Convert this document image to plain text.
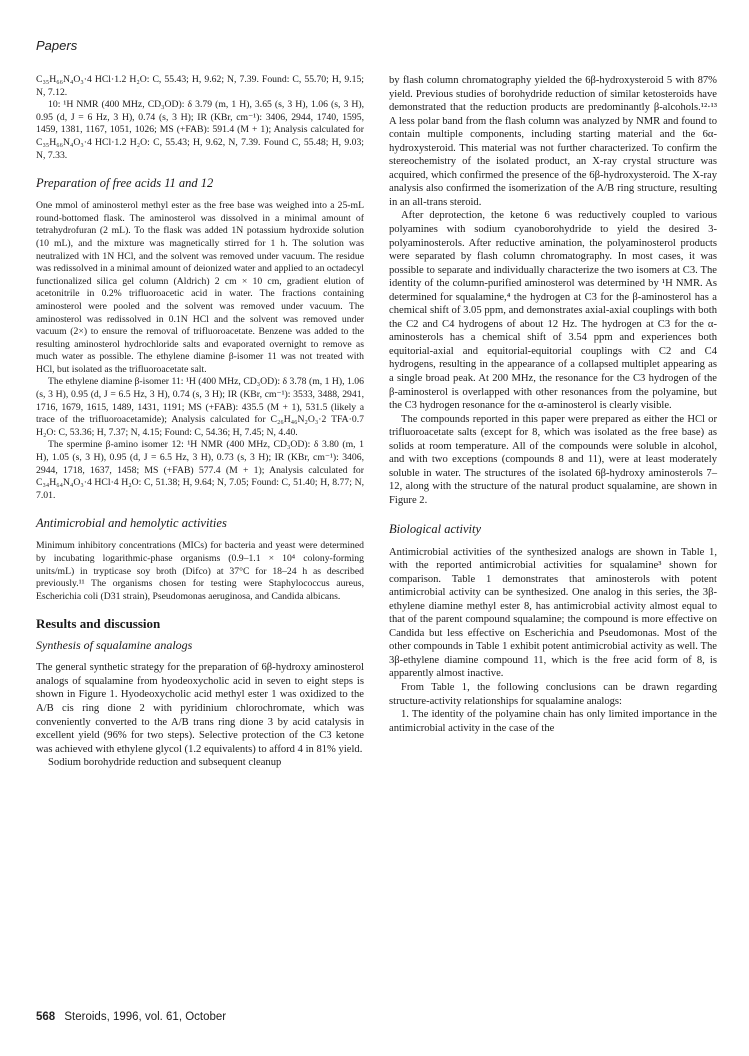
Papers

C₃₅H₆₆N₄O₃·4 HCl·1.2 H₂O: C, 55.43; H, 9.62; N, 7.39. Found: C, 55.70; H, 9.15; N, 7.12.

10: ¹H NMR (400 MHz, CD₃OD): δ 3.79 (m, 1 H), 3.65 (s, 3 H), 1.06 (s, 3 H), 0.95 (d, J = 6 Hz, 3 H), 0.74 (s, 3 H); IR (KBr, cm⁻¹): 3406, 2944, 1740, 1595, 1459, 1381, 1167, 1051, 1026; MS (+FAB): 591.4 (M + 1); Analysis calculated for C₃₅H₆₆N₄O₃·4 HCl·1.2 H₂O: C, 55.43; H, 9.62, N, 7.39. Found C, 55.48; H, 9.03; N, 7.33.

Preparation of free acids 11 and 12

One mmol of aminosterol methyl ester as the free base was weighed into a 25-mL round-bottomed flask. The aminosterol was dissolved in a minimal amount of tetrahydrofuran (2 mL). To the flask was added 1N potassium hydroxide solution (10 mL), and the mixture was magnetically stirred for 1 h. The solution was neutralized with 1N HCl, and the solvent was removed under vacuum. The residue was redissolved in a minimal amount of deionized water and applied to an octadecyl functionalized silica gel column (Aldrich) 2 cm × 10 cm, gradient elution of acetonitrile in 0.2% trifluoroacetic acid in water. The fractions containing aminosterol were pooled and the solvent was removed under vacuum. The aminosterol was redissolved in 0.1N HCl and the solvent was removed under vacuum (2×) to ensure the removal of trifluoroacetate. Benzene was added to the resulting aminosterol hydrochloride salts and evaporated overnight to remove as much water as possible. The ethylene diamine β-isomer 11 was not treated with HCl, but isolated as the trifluoroacetate salt.

The ethylene diamine β-isomer 11: ¹H (400 MHz, CD₃OD): δ 3.78 (m, 1 H), 1.06 (s, 3 H), 0.95 (d, J = 6.5 Hz, 3 H), 0.74 (s, 3 H); IR (KBr, cm⁻¹): 3533, 3488, 2941, 1716, 1679, 1615, 1489, 1431, 1191; MS (+FAB): 435.5 (M + 1), 531.5 (likely a trace of the trifluoroacetamide); Analysis calculated for C₂₆H₄₆N₂O₃·2 TFA·0.7 H₂O: C, 53.36; H, 7.37; N, 4.15; Found: C, 54.36; H, 7.45; N, 4.40.

The spermine β-amino isomer 12: ¹H NMR (400 MHz, CD₃OD): δ 3.80 (m, 1 H), 1.05 (s, 3 H), 0.95 (d, J = 6.5 Hz, 3 H), 0.73 (s, 3 H); IR (KBr, cm⁻¹): 3406, 2944, 1718, 1637, 1458; MS (+FAB) 577.4 (M + 1); Analysis calculated for C₃₄H₆₄N₄O₃·4 HCl·4 H₂O: C, 51.38; H, 9.64; N, 7.05; Found: C, 51.40; H, 8.77; N, 7.01.

Antimicrobial and hemolytic activities

Minimum inhibitory concentrations (MICs) for bacteria and yeast were determined by incubating logarithmic-phase organisms (0.9–1.1 × 10⁴ colony-forming units/mL) in trypticase soy broth (Difco) at 37°C for 18–24 h as described previously.¹¹ The organisms chosen for testing were Staphylococcus aureus, Escherichia coli (D31 strain), Pseudomonas aeruginosa, and Candida albicans.

Results and discussion
Synthesis of squalamine analogs

The general synthetic strategy for the preparation of 6β-hydroxy aminosterol analogs of squalamine from hyodeoxycholic acid in seven to eight steps is shown in Figure 1. Hyodeoxycholic acid methyl ester 1 was oxidized to the A/B cis ring dione 2 with pyridinium chlorochromate, which was conveniently converted to the A/B trans ring dione 3 by acid catalysis in excellent yield (96% for two steps). Selective protection of the C3 ketone was achieved with ethylene glycol (1.2 equivalents) to afford 4 in 81% yield.

Sodium borohydride reduction and subsequent cleanup

by flash column chromatography yielded the 6β-hydroxysteroid 5 with 87% yield. Previous studies of borohydride reduction of similar ketosteroids have demonstrated that the reduction products are predominantly β-alcohols.¹²·¹³ A less polar band from the flash column was analyzed by NMR and found to contain multiple components, including starting material and the 6α-hydroxysteroid. This material was not further characterized. To confirm the stereochemistry of the isolated product, an X-ray crystal structure was acquired, which confirmed the presence of the 6β-hydroxysteroid. The X-ray analysis also confirmed the isomerization of the A/B ring structure, resulting in an all-trans steroid.

After deprotection, the ketone 6 was reductively coupled to various polyamines with sodium cyanoborohydride to yield the desired 3-polyaminosterols. After reductive amination, the polyaminosterol products were separated by flash column chromatography. In most cases, it was possible to separate and individually characterize the two isomers at C3. The identity of the column-purified aminosterol was determined by ¹H NMR. As determined for squalamine,⁴ the hydrogen at C3 for the β-aminosterol has a chemical shift of 3.05 ppm, and demonstrates axial-axial couplings with both the C2 and C4 hydrogens of about 12 Hz. The hydrogen at C3 for the α-aminosterols has a chemical shift of 3.54 ppm and experiences both equitorial-axial and equitorial-equitorial couplings with C2 and C4 hydrogens, resulting in the appearance of a collapsed multiplet appearing as a single broad peak. At 200 MHz, the resonance for the C3 hydrogen of the β-aminosterol is overlapped with other resonances from the polyamine, but the C3 hydrogen resonance for the α-aminosterol is clearly visible.

The compounds reported in this paper were prepared as either the HCl or trifluoroacetate salts (except for 8, which was isolated as the free base) as solids at room temperature. All of the compounds were soluble in alcohol, and with two exceptions (compounds 8 and 11), were at least moderately soluble in water. The structures of the isolated 6β-hydroxy aminosterols 7–12, along with the structure of the natural product squalamine, are shown in Figure 2.

Biological activity

Antimicrobial activities of the synthesized analogs are shown in Table 1, with the reported antimicrobial activities for squalamine³ shown for comparison. Table 1 demonstrates that aminosterols with potent antimicrobial activity can be synthesized. One analog in this series, the 3β-ethylene diamine methyl ester 8, has antimicrobial activity almost equal to that of the parent compound squalamine; the compound is more effective on Candida but less effective on Escherichia and Pseudomonas. Most of the other compounds in Table 1 exhibit potent antimicrobial activity as well. The 3β-ethylene diamine compound 11, which is the free acid form of 8, is apparently almost inactive.

From Table 1, the following conclusions can be drawn regarding structure-activity relationships for squalamine analogs:

1. The identity of the polyamine chain has only limited importance in the antimicrobial activity in the case of the

568 Steroids, 1996, vol. 61, October
